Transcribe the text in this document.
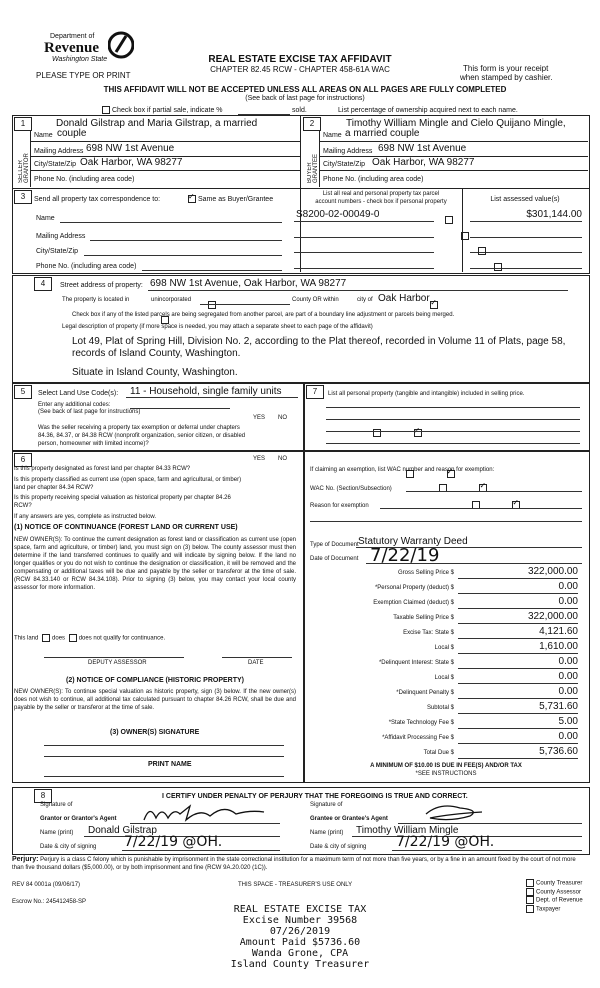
Department of
Revenue
Washington State
PLEASE TYPE OR PRINT
REAL ESTATE EXCISE TAX AFFIDAVIT
CHAPTER 82.45 RCW - CHAPTER 458-61A WAC	This form is your receipt
when stamped by cashier.
THIS AFFIDAVIT WILL NOT BE ACCEPTED UNLESS ALL AREAS ON ALL PAGES ARE FULLY COMPLETED
(See back of last page for instructions)
Check box if partial sale, indicate %	sold.	List percentage of ownership acquired next to each name.
1
SELLER GRANTOR
Donald Gilstrap and Maria Gilstrap, a married
Name couple
Mailing Address 698 NW 1st Avenue
City/State/Zip Oak Harbor, WA 98277
Phone No. (including area code)
2
BUYER GRANTEE
Timothy William Mingle and Cielo Quijano Mingle,
Name a married couple
Mailing Address 698 NW 1st Avenue
City/State/Zip Oak Harbor, WA 98277
Phone No. (including area code)
3	Send all property tax correspondence to:
✓	Same as Buyer/Grantee
Name
Mailing Address
City/State/Zip
Phone No. (including area code)
List all real and personal property tax parcel
account numbers - check box if personal property	List assessed value(s)
S8200-02-00049-0	$301,144.00

4	Street address of property: 698 NW 1st Avenue, Oak Harbor, WA 98277
The property is located in
	unincorporated	County OR within
✓	city of Oak Harbor

Check box if any of the listed parcels are being segregated from another parcel, are part of a boundary line adjustment or parcels being merged.
Legal description of property (if more space is needed, you may attach a separate sheet to each page of the affidavit)
Lot 49, Plat of Spring Hill, Division No. 2, according to the Plat thereof, recorded in Volume 11 of Plats, page 58,
records of Island County, Washington.
Situate in Island County, Washington.
5	Select Land Use Code(s): 11 - Household, single family units
Enter any additional codes:
(See back of last page for instructions)
YES NO
Was the seller receiving a property tax exemption or deferral under chapters 84.36, 84.37, or 84.38 RCW (nonprofit organization, senior citizen, or disabled person, homeowner with limited income)?
✓
7	List all personal property (tangible and intangible) included in selling price.
6	YES NO
Is this property designated as forest land per chapter 84.33 RCW?
✓
Is this property classified as current use (open space, farm and agricultural, or timber) land per chapter 84.34 RCW?
✓
Is this property receiving special valuation as historical property per chapter 84.26 RCW?
✓
If any answers are yes, complete as instructed below.
(1) NOTICE OF CONTINUANCE (FOREST LAND OR CURRENT USE)
NEW OWNER(S): To continue the current designation as forest land or classification as current use (open space, farm and agriculture, or timber) land, you must sign on (3) below. The county assessor must then determine if the land transferred continues to qualify and will indicate by signing below. If the land no longer qualifies or you do not wish to continue the designation or classification, it will be removed and the compensating or additional taxes will be due and payable by the seller or transferor at the time of sale. (RCW 84.33.140 or RCW 84.34.108). Prior to signing (3) below, you may contact your local county assessor for more information.
This land does does not qualify for continuance.
DEPUTY ASSESSOR	DATE
(2) NOTICE OF COMPLIANCE (HISTORIC PROPERTY)
NEW OWNER(S): To continue special valuation as historic property, sign (3) below. If the new owner(s) does not wish to continue, all additional tax calculated pursuant to chapter 84.26 RCW, shall be due and payable by the seller or transferor at the time of sale.
(3) OWNER(S) SIGNATURE
PRINT NAME
If claiming an exemption, list WAC number and reason for exemption:
WAC No. (Section/Subsection)
Reason for exemption
Type of Document Statutory Warranty Deed
Date of Document 7/22/19
Gross Selling Price $	322,000.00
*Personal Property (deduct) $	0.00
Exemption Claimed (deduct) $	0.00
Taxable Selling Price $	322,000.00
Excise Tax: State $	4,121.60
Local $	1,610.00
*Delinquent Interest: State $	0.00
Local $	0.00
*Delinquent Penalty $	0.00
Subtotal $	5,731.60
*State Technology Fee $	5.00
*Affidavit Processing Fee $	0.00
Total Due $	5,736.60
A MINIMUM OF $10.00 IS DUE IN FEE(S) AND/OR TAX
*SEE INSTRUCTIONS
8	I CERTIFY UNDER PENALTY OF PERJURY THAT THE FOREGOING IS TRUE AND CORRECT.
Signature of
Grantor or Grantor's Agent
Name (print) Donald Gilstrap
Date & city of signing 7/22/19 @OH.
Signature of
Grantee or Grantee's Agent
Name (print) Timothy William Mingle
Date & city of signing 7/22/19 @OH.
Perjury: Perjury is a class C felony which is punishable by imprisonment in the state correctional institution for a maximum term of not more than five years, or by a fine in an amount fixed by the court of not more than five thousand dollars ($5,000.00), or by both imprisonment and fine (RCW 9A.20.020 (1C)).
REV 84 0001a (09/06/17)	THIS SPACE - TREASURER'S USE ONLY
Escrow No.: 245412458-SP
County Treasurer
County Assessor
Dept. of Revenue
Taxpayer
REAL ESTATE EXCISE TAX
Excise Number 39568
07/26/2019
Amount Paid $5736.60
Wanda Grone, CPA
Island County Treasurer
